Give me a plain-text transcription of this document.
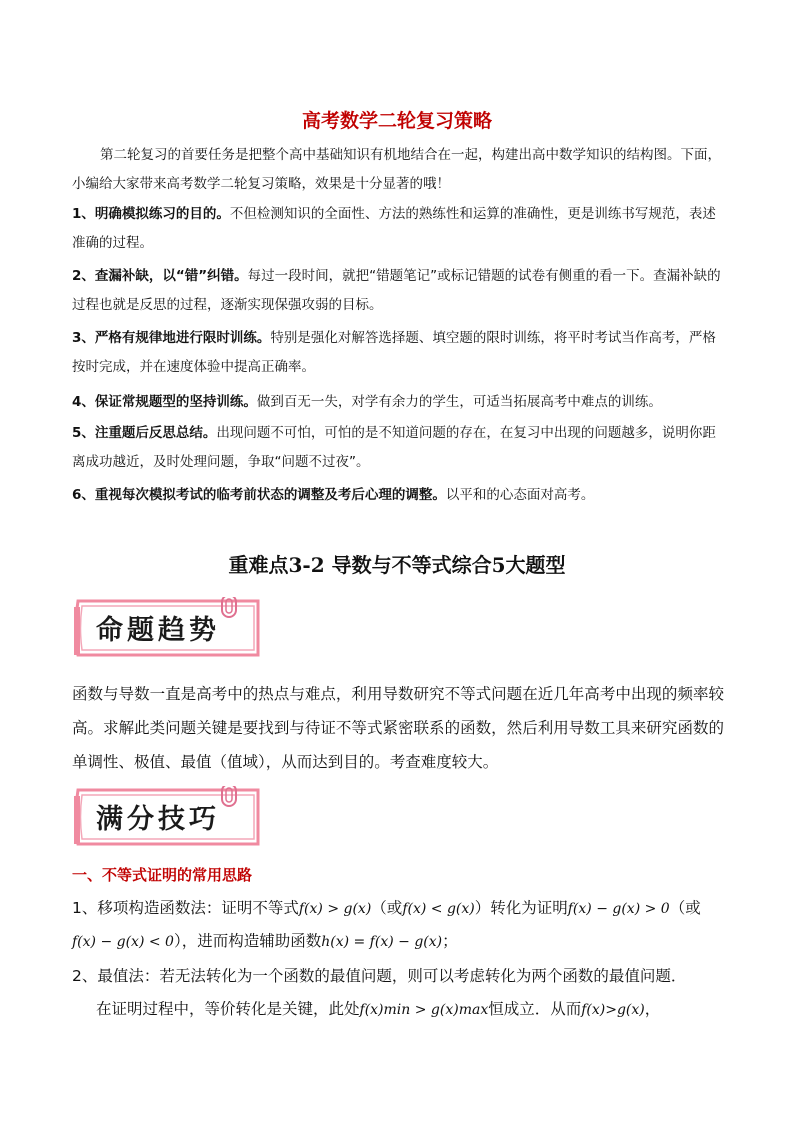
高考数学二轮复习策略

第二轮复习的首要任务是把整个高中基础知识有机地结合在一起，构建出高中数学知识的结构图。下面，小编给大家带来高考数学二轮复习策略，效果是十分显著的哦！

1、明确模拟练习的目的。不但检测知识的全面性、方法的熟练性和运算的准确性，更是训练书写规范，表述准确的过程。

2、查漏补缺，以“错”纠错。每过一段时间，就把“错题笔记”或标记错题的试卷有侧重的看一下。查漏补缺的过程也就是反思的过程，逐渐实现保强攻弱的目标。

3、严格有规律地进行限时训练。特别是强化对解答选择题、填空题的限时训练，将平时考试当作高考，严格按时完成，并在速度体验中提高正确率。

4、保证常规题型的坚持训练。做到百无一失，对学有余力的学生，可适当拓展高考中难点的训练。

5、注重题后反思总结。出现问题不可怕，可怕的是不知道问题的存在，在复习中出现的问题越多，说明你距离成功越近，及时处理问题，争取“问题不过夜”。

6、重视每次模拟考试的临考前状态的调整及考后心理的调整。以平和的心态面对高考。

重难点3-2 导数与不等式综合5大题型
命题趋势

函数与导数一直是高考中的热点与难点，利用导数研究不等式问题在近几年高考中出现的频率较高。求解此类问题关键是要找到与待证不等式紧密联系的函数，然后利用导数工具来研究函数的单调性、极值、最值（值域），从而达到目的。考查难度较大。

满分技巧
一、不等式证明的常用思路
1、移项构造函数法：证明不等式f(x) > g(x)（或f(x) < g(x)）转化为证明f(x) − g(x) > 0（或
f(x) − g(x) < 0），进而构造辅助函数h(x) = f(x) − g(x)；
2、最值法：若无法转化为一个函数的最值问题，则可以考虑转化为两个函数的最值问题．
在证明过程中，等价转化是关键，此处f(x)min > g(x)max恒成立．从而f(x)>g(x)，
